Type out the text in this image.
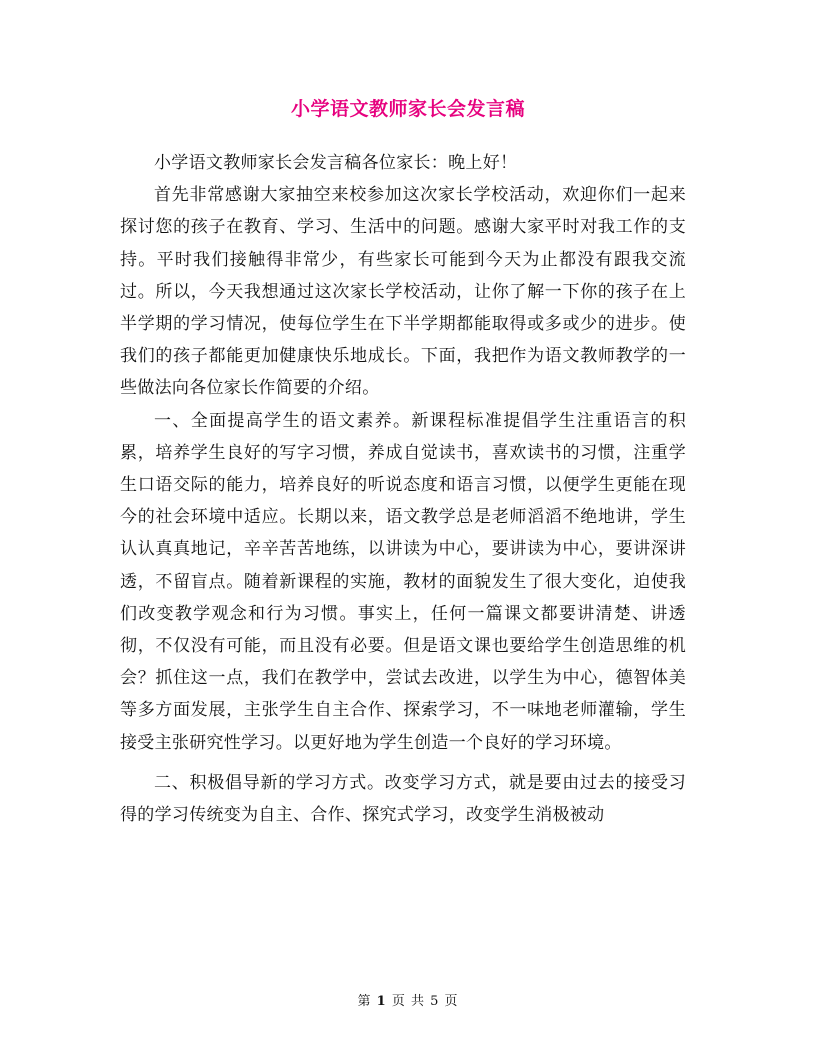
小学语文教师家长会发言稿

小学语文教师家长会发言稿各位家长：晚上好！

首先非常感谢大家抽空来校参加这次家长学校活动，欢迎你们一起来探讨您的孩子在教育、学习、生活中的问题。感谢大家平时对我工作的支持。平时我们接触得非常少，有些家长可能到今天为止都没有跟我交流过。所以，今天我想通过这次家长学校活动，让你了解一下你的孩子在上半学期的学习情况，使每位学生在下半学期都能取得或多或少的进步。使我们的孩子都能更加健康快乐地成长。下面，我把作为语文教师教学的一些做法向各位家长作简要的介绍。

一、全面提高学生的语文素养。新课程标准提倡学生注重语言的积累，培养学生良好的写字习惯，养成自觉读书，喜欢读书的习惯，注重学生口语交际的能力，培养良好的听说态度和语言习惯，以便学生更能在现今的社会环境中适应。长期以来，语文教学总是老师滔滔不绝地讲，学生认认真真地记，辛辛苦苦地练，以讲读为中心，要讲读为中心，要讲深讲透，不留盲点。随着新课程的实施，教材的面貌发生了很大变化，迫使我们改变教学观念和行为习惯。事实上，任何一篇课文都要讲清楚、讲透彻，不仅没有可能，而且没有必要。但是语文课也要给学生创造思维的机会？抓住这一点，我们在教学中，尝试去改进，以学生为中心，德智体美等多方面发展，主张学生自主合作、探索学习，不一味地老师灌输，学生接受主张研究性学习。以更好地为学生创造一个良好的学习环境。

二、积极倡导新的学习方式。改变学习方式，就是要由过去的接受习得的学习传统变为自主、合作、探究式学习，改变学生消极被动

第 1 页 共 5 页
